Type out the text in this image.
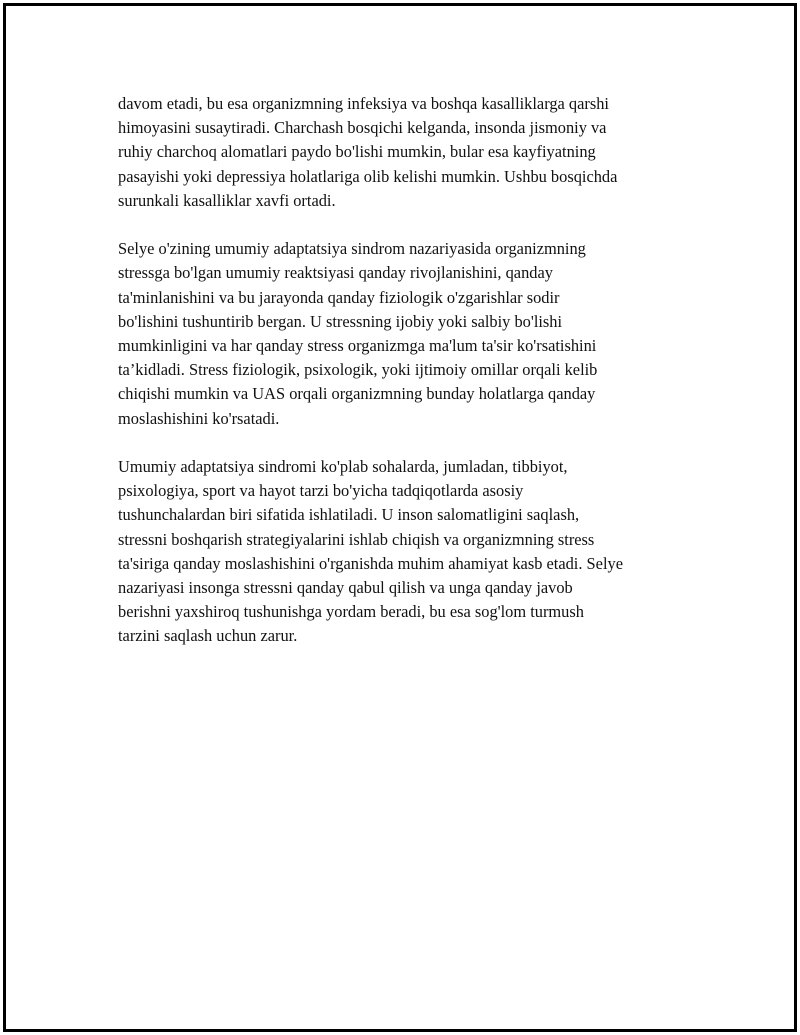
davom etadi, bu esa organizmning infeksiya va boshqa kasalliklarga qarshi
himoyasini susaytiradi. Charchash bosqichi kelganda, insonda jismoniy va
ruhiy charchoq alomatlari paydo bo'lishi mumkin, bular esa kayfiyatning
pasayishi yoki depressiya holatlariga olib kelishi mumkin. Ushbu bosqichda
surunkali kasalliklar xavfi ortadi.

Selye o'zining umumiy adaptatsiya sindrom nazariyasida organizmning
stressga bo'lgan umumiy reaktsiyasi qanday rivojlanishini, qanday
ta'minlanishini va bu jarayonda qanday fiziologik o'zgarishlar sodir
bo'lishini tushuntirib bergan. U stressning ijobiy yoki salbiy bo'lishi
mumkinligini va har qanday stress organizmga ma'lum ta'sir ko'rsatishini
ta’kidladi. Stress fiziologik, psixologik, yoki ijtimoiy omillar orqali kelib
chiqishi mumkin va UAS orqali organizmning bunday holatlarga qanday
moslashishini ko'rsatadi.

Umumiy adaptatsiya sindromi ko'plab sohalarda, jumladan, tibbiyot,
psixologiya, sport va hayot tarzi bo'yicha tadqiqotlarda asosiy
tushunchalardan biri sifatida ishlatiladi. U inson salomatligini saqlash,
stressni boshqarish strategiyalarini ishlab chiqish va organizmning stress
ta'siriga qanday moslashishini o'rganishda muhim ahamiyat kasb etadi. Selye
nazariyasi insonga stressni qanday qabul qilish va unga qanday javob
berishni yaxshiroq tushunishga yordam beradi, bu esa sog'lom turmush
tarzini saqlash uchun zarur.
